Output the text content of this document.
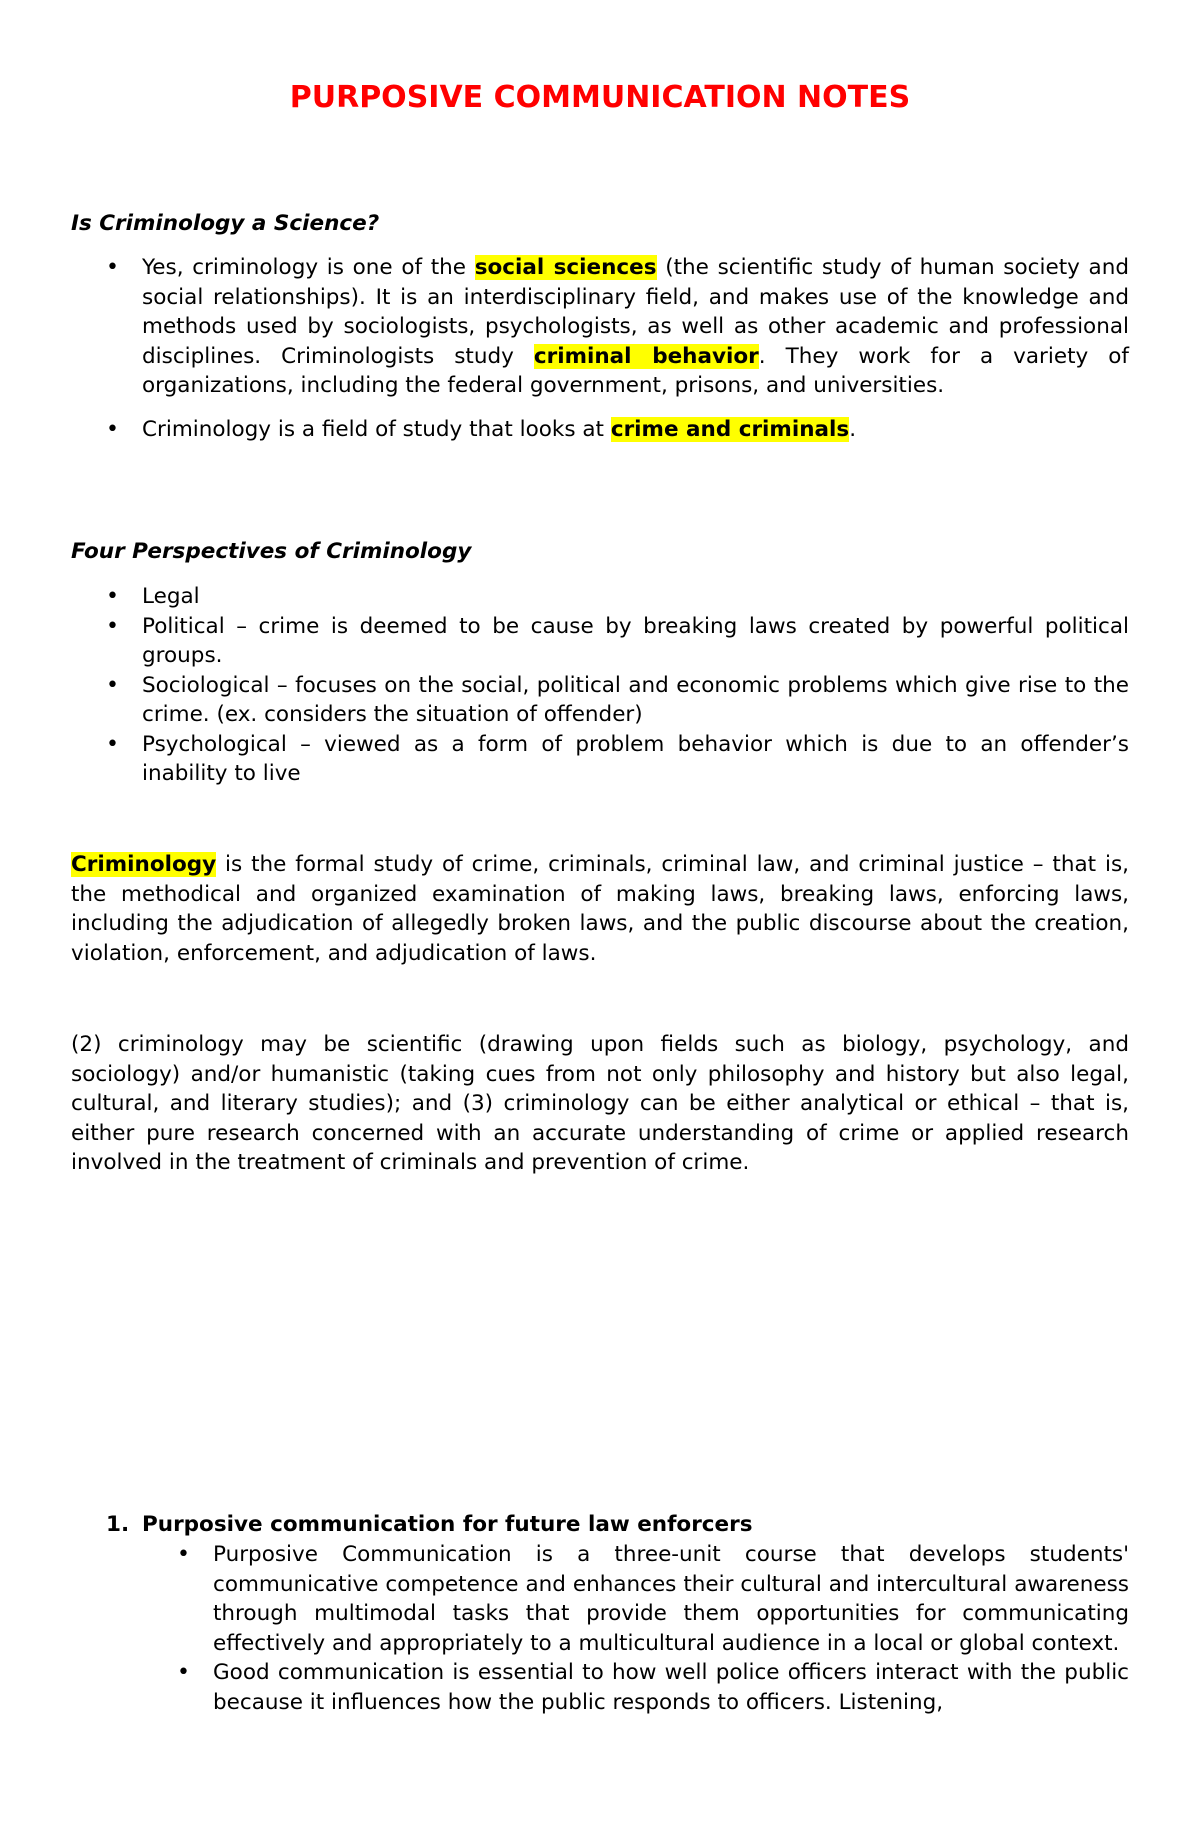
PURPOSIVE COMMUNICATION NOTES

Is Criminology a Science?

• Yes, criminology is one of the social sciences (the scientific study of human society and social relationships). It is an interdisciplinary field, and makes use of the knowledge and methods used by sociologists, psychologists, as well as other academic and professional disciplines. Criminologists study criminal behavior. They work for a variety of organizations, including the federal government, prisons, and universities.
• Criminology is a field of study that looks at crime and criminals.

Four Perspectives of Criminology

• Legal
• Political – crime is deemed to be cause by breaking laws created by powerful political groups.
• Sociological – focuses on the social, political and economic problems which give rise to the crime. (ex. considers the situation of offender)
• Psychological – viewed as a form of problem behavior which is due to an offender’s inability to live

Criminology is the formal study of crime, criminals, criminal law, and criminal justice – that is, the methodical and organized examination of making laws, breaking laws, enforcing laws, including the adjudication of allegedly broken laws, and the public discourse about the creation, violation, enforcement, and adjudication of laws.

(2) criminology may be scientific (drawing upon fields such as biology, psychology, and sociology) and/or humanistic (taking cues from not only philosophy and history but also legal, cultural, and literary studies); and (3) criminology can be either analytical or ethical – that is, either pure research concerned with an accurate understanding of crime or applied research involved in the treatment of criminals and prevention of crime.

1. Purposive communication for future law enforcers

• Purposive Communication is a three-unit course that develops students' communicative competence and enhances their cultural and intercultural awareness through multimodal tasks that provide them opportunities for communicating effectively and appropriately to a multicultural audience in a local or global context.
• Good communication is essential to how well police officers interact with the public because it influences how the public responds to officers. Listening,
